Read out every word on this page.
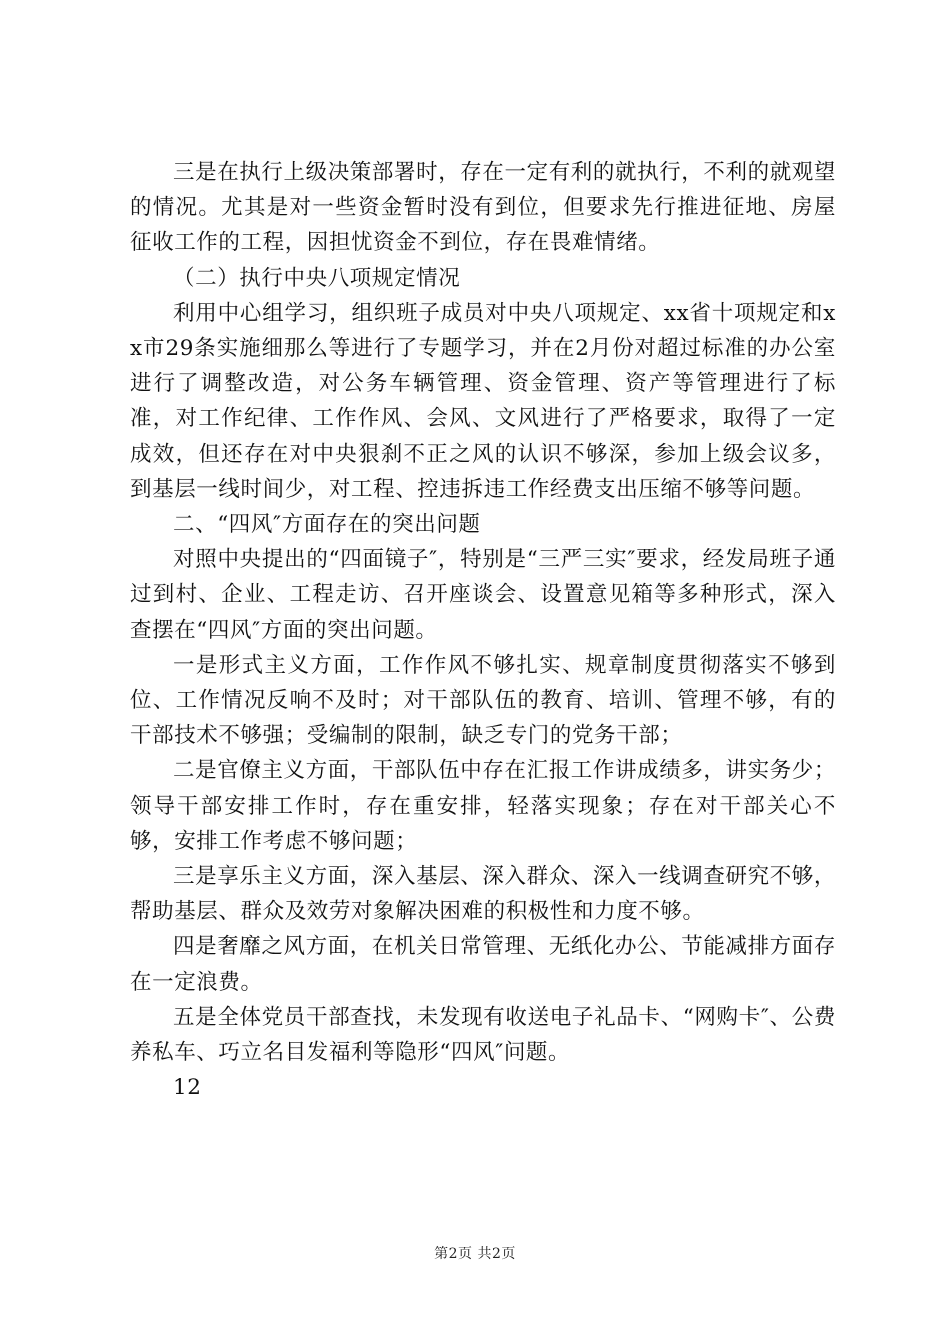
三是在执行上级决策部署时，存在一定有利的就执行，不利的就观望的情况。尤其是对一些资金暂时没有到位，但要求先行推进征地、房屋征收工作的工程，因担忧资金不到位，存在畏难情绪。

（二）执行中央八项规定情况

利用中心组学习，组织班子成员对中央八项规定、xx省十项规定和xx市29条实施细那么等进行了专题学习，并在2月份对超过标准的办公室进行了调整改造，对公务车辆管理、资金管理、资产等管理进行了标准，对工作纪律、工作作风、会风、文风进行了严格要求，取得了一定成效，但还存在对中央狠刹不正之风的认识不够深，参加上级会议多，到基层一线时间少，对工程、控违拆违工作经费支出压缩不够等问题。

二、“四风″方面存在的突出问题

对照中央提出的“四面镜子″，特别是“三严三实″要求，经发局班子通过到村、企业、工程走访、召开座谈会、设置意见箱等多种形式，深入查摆在“四风″方面的突出问题。

一是形式主义方面，工作作风不够扎实、规章制度贯彻落实不够到位、工作情况反响不及时；对干部队伍的教育、培训、管理不够，有的干部技术不够强；受编制的限制，缺乏专门的党务干部；

二是官僚主义方面，干部队伍中存在汇报工作讲成绩多，讲实务少；领导干部安排工作时，存在重安排，轻落实现象；存在对干部关心不够，安排工作考虑不够问题；

三是享乐主义方面，深入基层、深入群众、深入一线调查研究不够，帮助基层、群众及效劳对象解决困难的积极性和力度不够。

四是奢靡之风方面，在机关日常管理、无纸化办公、节能减排方面存在一定浪费。

五是全体党员干部查找，未发现有收送电子礼品卡、“网购卡″、公费养私车、巧立名目发福利等隐形“四风″问题。

12

第2页 共2页
